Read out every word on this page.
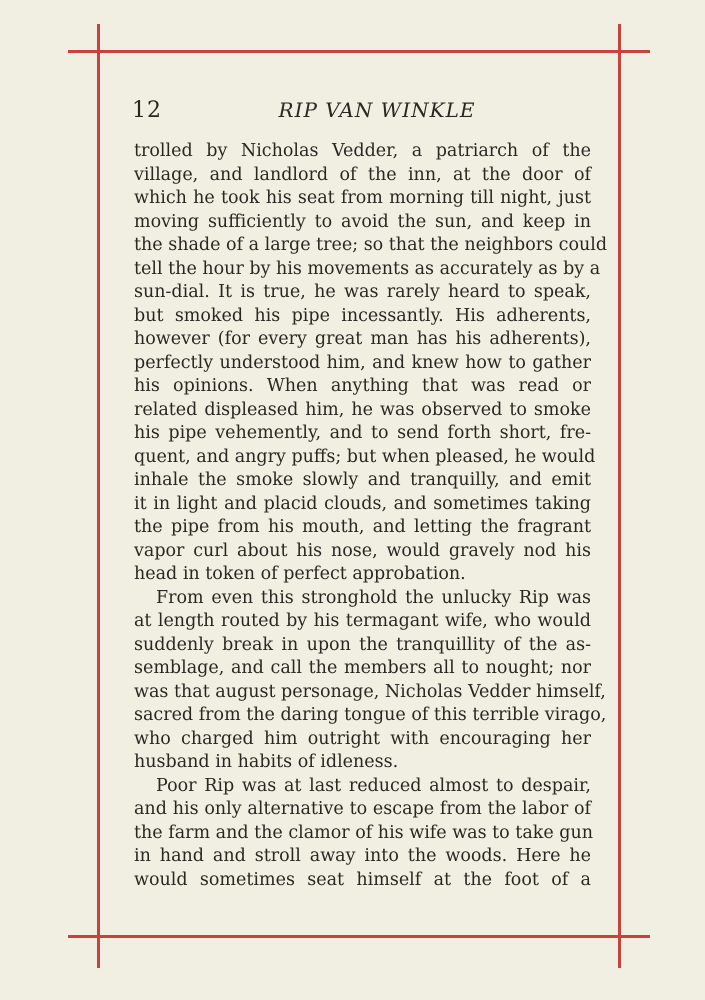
12	RIP VAN WINKLE
trolled by Nicholas Vedder, a patriarch of the
village, and landlord of the inn, at the door of
which he took his seat from morning till night, just
moving sufficiently to avoid the sun, and keep in
the shade of a large tree; so that the neighbors could
tell the hour by his movements as accurately as by a
sun-dial. It is true, he was rarely heard to speak,
but smoked his pipe incessantly. His adherents,
however (for every great man has his adherents),
perfectly understood him, and knew how to gather
his opinions. When anything that was read or
related displeased him, he was observed to smoke
his pipe vehemently, and to send forth short, fre-
quent, and angry puffs; but when pleased, he would
inhale the smoke slowly and tranquilly, and emit
it in light and placid clouds, and sometimes taking
the pipe from his mouth, and letting the fragrant
vapor curl about his nose, would gravely nod his
head in token of perfect approbation.
From even this stronghold the unlucky Rip was
at length routed by his termagant wife, who would
suddenly break in upon the tranquillity of the as-
semblage, and call the members all to nought; nor
was that august personage, Nicholas Vedder himself,
sacred from the daring tongue of this terrible virago,
who charged him outright with encouraging her
husband in habits of idleness.
Poor Rip was at last reduced almost to despair,
and his only alternative to escape from the labor of
the farm and the clamor of his wife was to take gun
in hand and stroll away into the woods. Here he
would sometimes seat himself at the foot of a
